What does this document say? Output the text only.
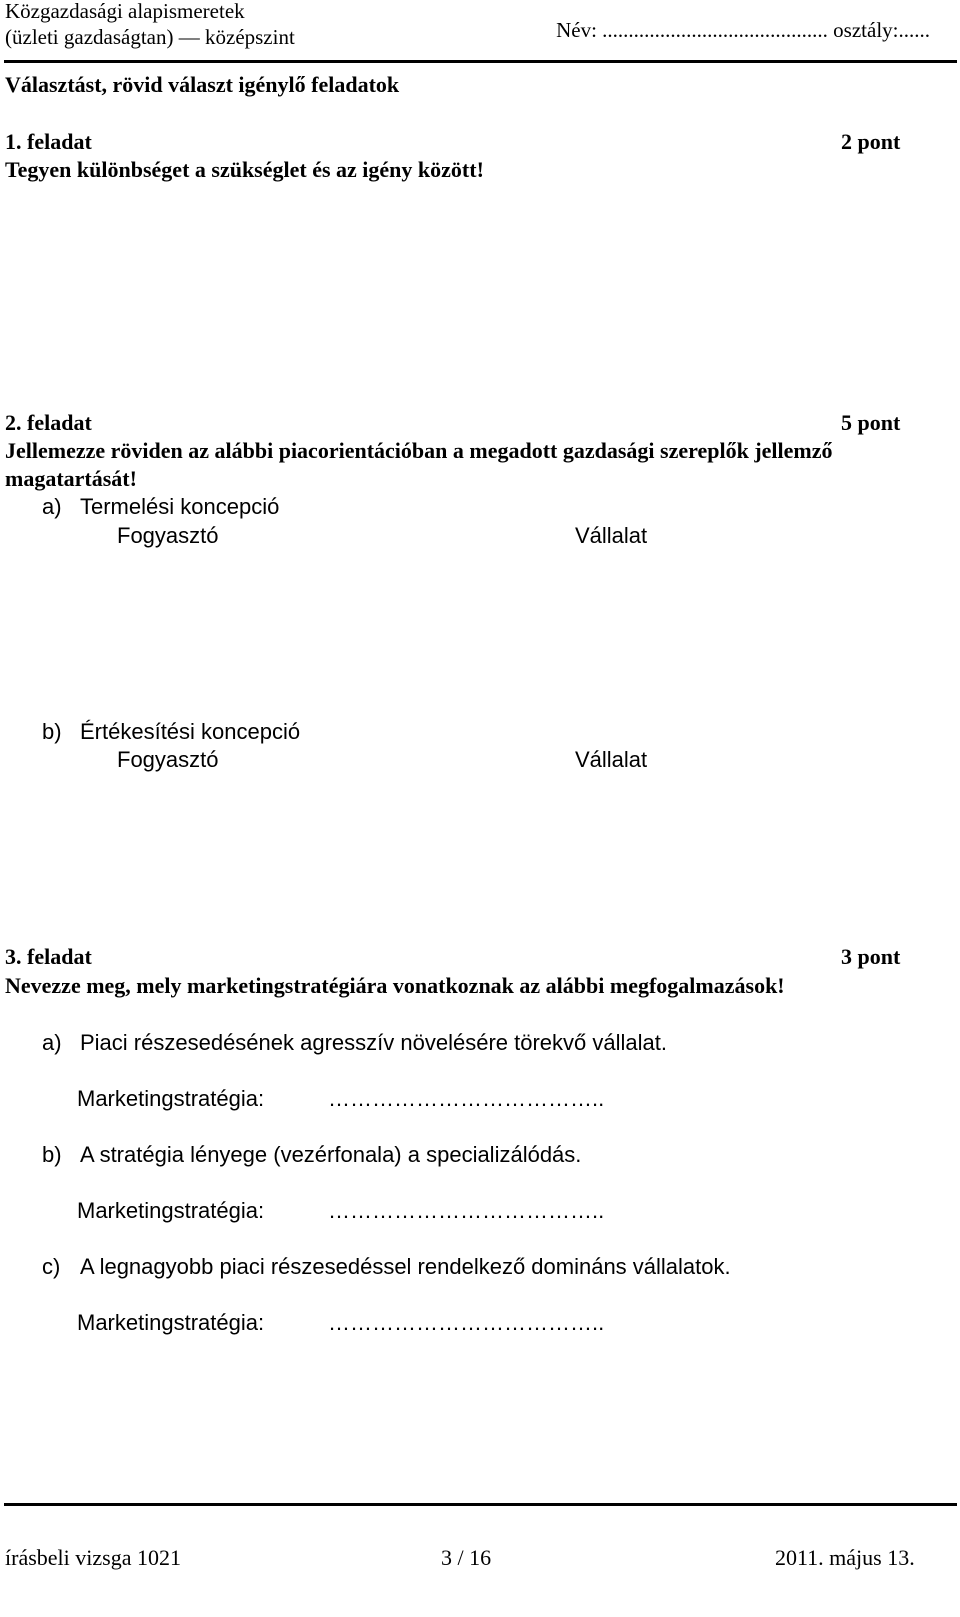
Közgazdasági alapismeretek
(üzleti gazdaságtan) — középszint	Név: ........................................... osztály:......
Választást, rövid választ igénylő feladatok
1. feladat	2 pont
Tegyen különbséget a szükséglet és az igény között!
2. feladat	5 pont
Jellemezze röviden az alábbi piacorientációban a megadott gazdasági szereplők jellemző
magatartását!
a) Termelési koncepció
Fogyasztó	Vállalat
b) Értékesítési koncepció
Fogyasztó	Vállalat
3. feladat	3 pont
Nevezze meg, mely marketingstratégiára vonatkoznak az alábbi megfogalmazások!
a) Piaci részesedésének agresszív növelésére törekvő vállalat.
Marketingstratégia:	………………………………..
b) A stratégia lényege (vezérfonala) a specializálódás.
Marketingstratégia:	………………………………..
c) A legnagyobb piaci részesedéssel rendelkező domináns vállalatok.
Marketingstratégia:	………………………………..
írásbeli vizsga 1021	3 / 16	2011. május 13.
